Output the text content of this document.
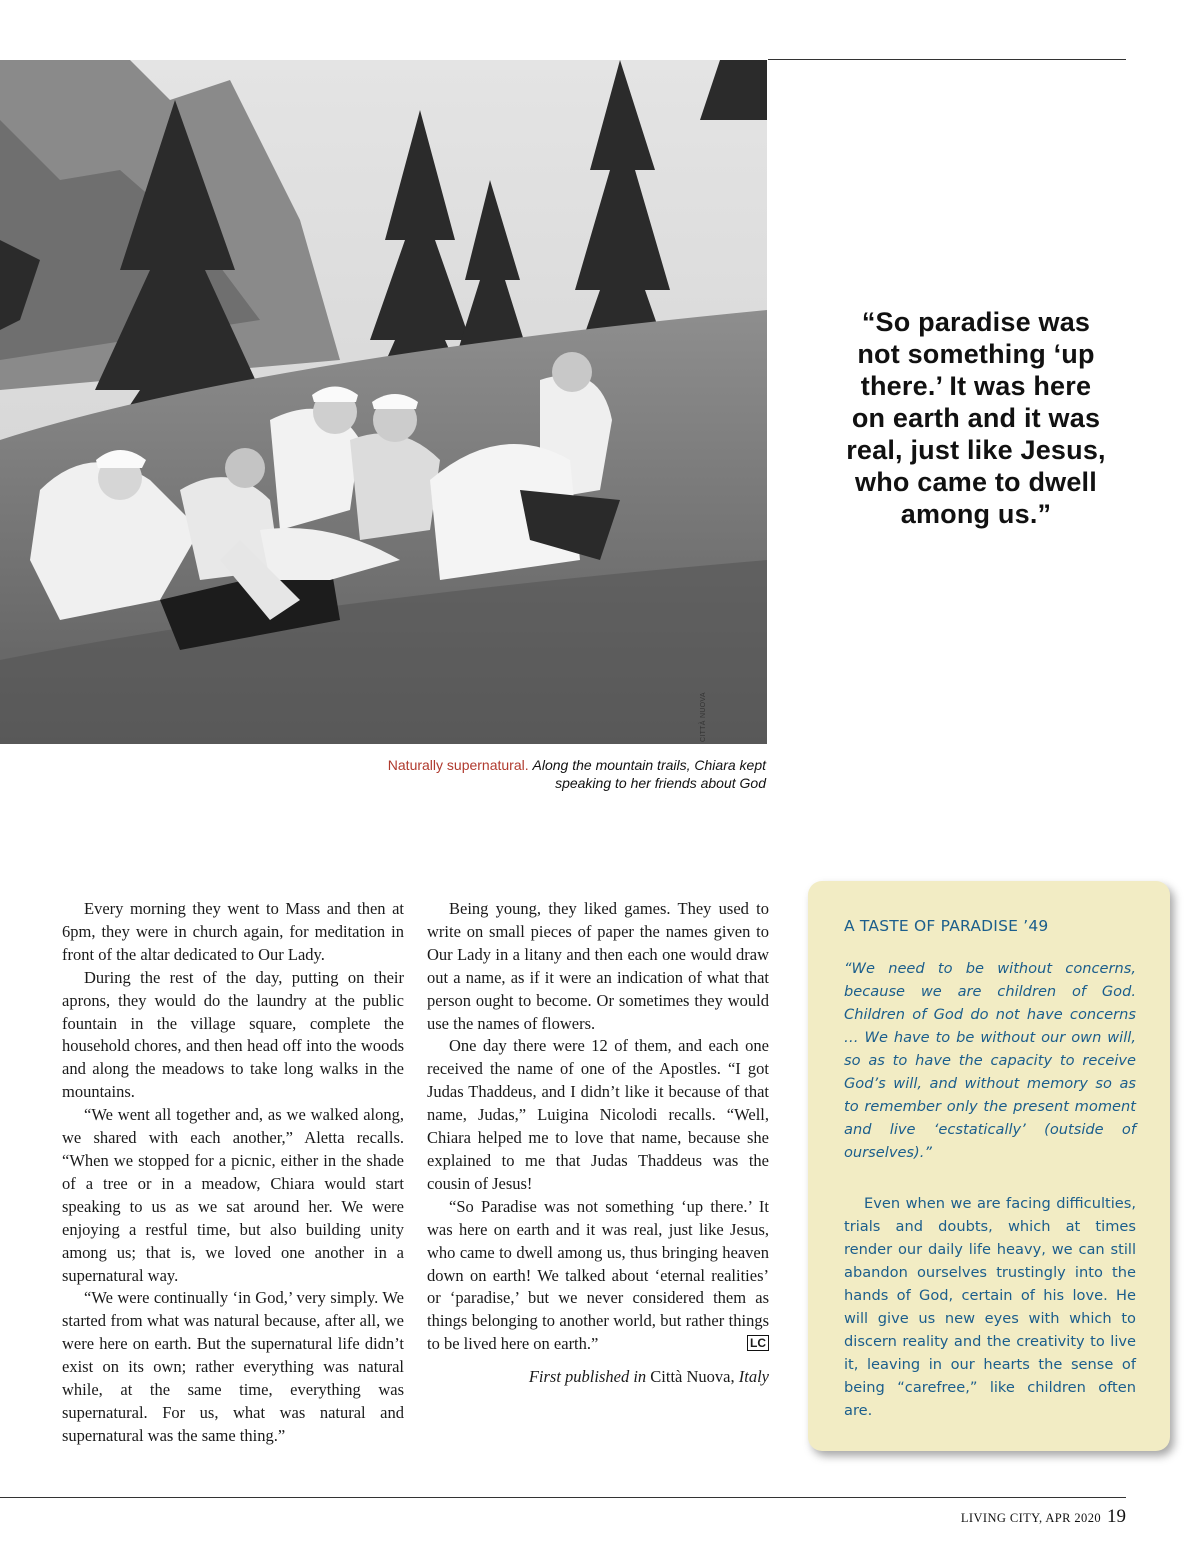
CITTÀ NUOVA
Naturally supernatural. Along the mountain trails, Chiara kept speaking to her friends about God
“So paradise was not something ‘up there.’ It was here on earth and it was real, just like Jesus, who came to dwell among us.”

Every morning they went to Mass and then at 6pm, they were in church again, for meditation in front of the altar dedicated to Our Lady.

During the rest of the day, putting on their aprons, they would do the laundry at the public fountain in the village square, complete the household chores, and then head off into the woods and along the meadows to take long walks in the mountains.

“We went all together and, as we walked along, we shared with each another,” Aletta recalls. “When we stopped for a picnic, either in the shade of a tree or in a meadow, Chiara would start speaking to us as we sat around her. We were enjoying a restful time, but also building unity among us; that is, we loved one another in a supernatural way.

“We were continually ‘in God,’ very simply. We started from what was natural because, after all, we were here on earth. But the supernatural life didn’t exist on its own; rather everything was natural while, at the same time, everything was supernatural. For us, what was natural and supernatural was the same thing.”

Being young, they liked games. They used to write on small pieces of paper the names given to Our Lady in a litany and then each one would draw out a name, as if it were an indication of what that person ought to become. Or sometimes they would use the names of flowers.

One day there were 12 of them, and each one received the name of one of the Apostles. “I got Judas Thaddeus, and I didn’t like it because of that name, Judas,” Luigina Nicolodi recalls. “Well, Chiara helped me to love that name, because she explained to me that Judas Thaddeus was the cousin of Jesus!

“So Paradise was not something ‘up there.’ It was here on earth and it was real, just like Jesus, who came to dwell among us, thus bringing heaven down on earth! We talked about ‘eternal realities’ or ‘paradise,’ but we never considered them as things belonging to another world, but rather things to be lived here on earth.”	LC

First published in Città Nuova, Italy
A TASTE OF PARADISE ’49

“We need to be without concerns, because we are children of God. Children of God do not have concerns … We have to be without our own will, so as to have the capacity to receive God’s will, and without memory so as to remember only the present moment and live ‘ecstatically’ (outside of ourselves).”

Even when we are facing difficulties, trials and doubts, which at times render our daily life heavy, we can still abandon ourselves trustingly into the hands of God, certain of his love. He will give us new eyes with which to discern reality and the creativity to live it, leaving in our hearts the sense of being “carefree,” like children often are.

LIVING CITY, APR 2020 19
